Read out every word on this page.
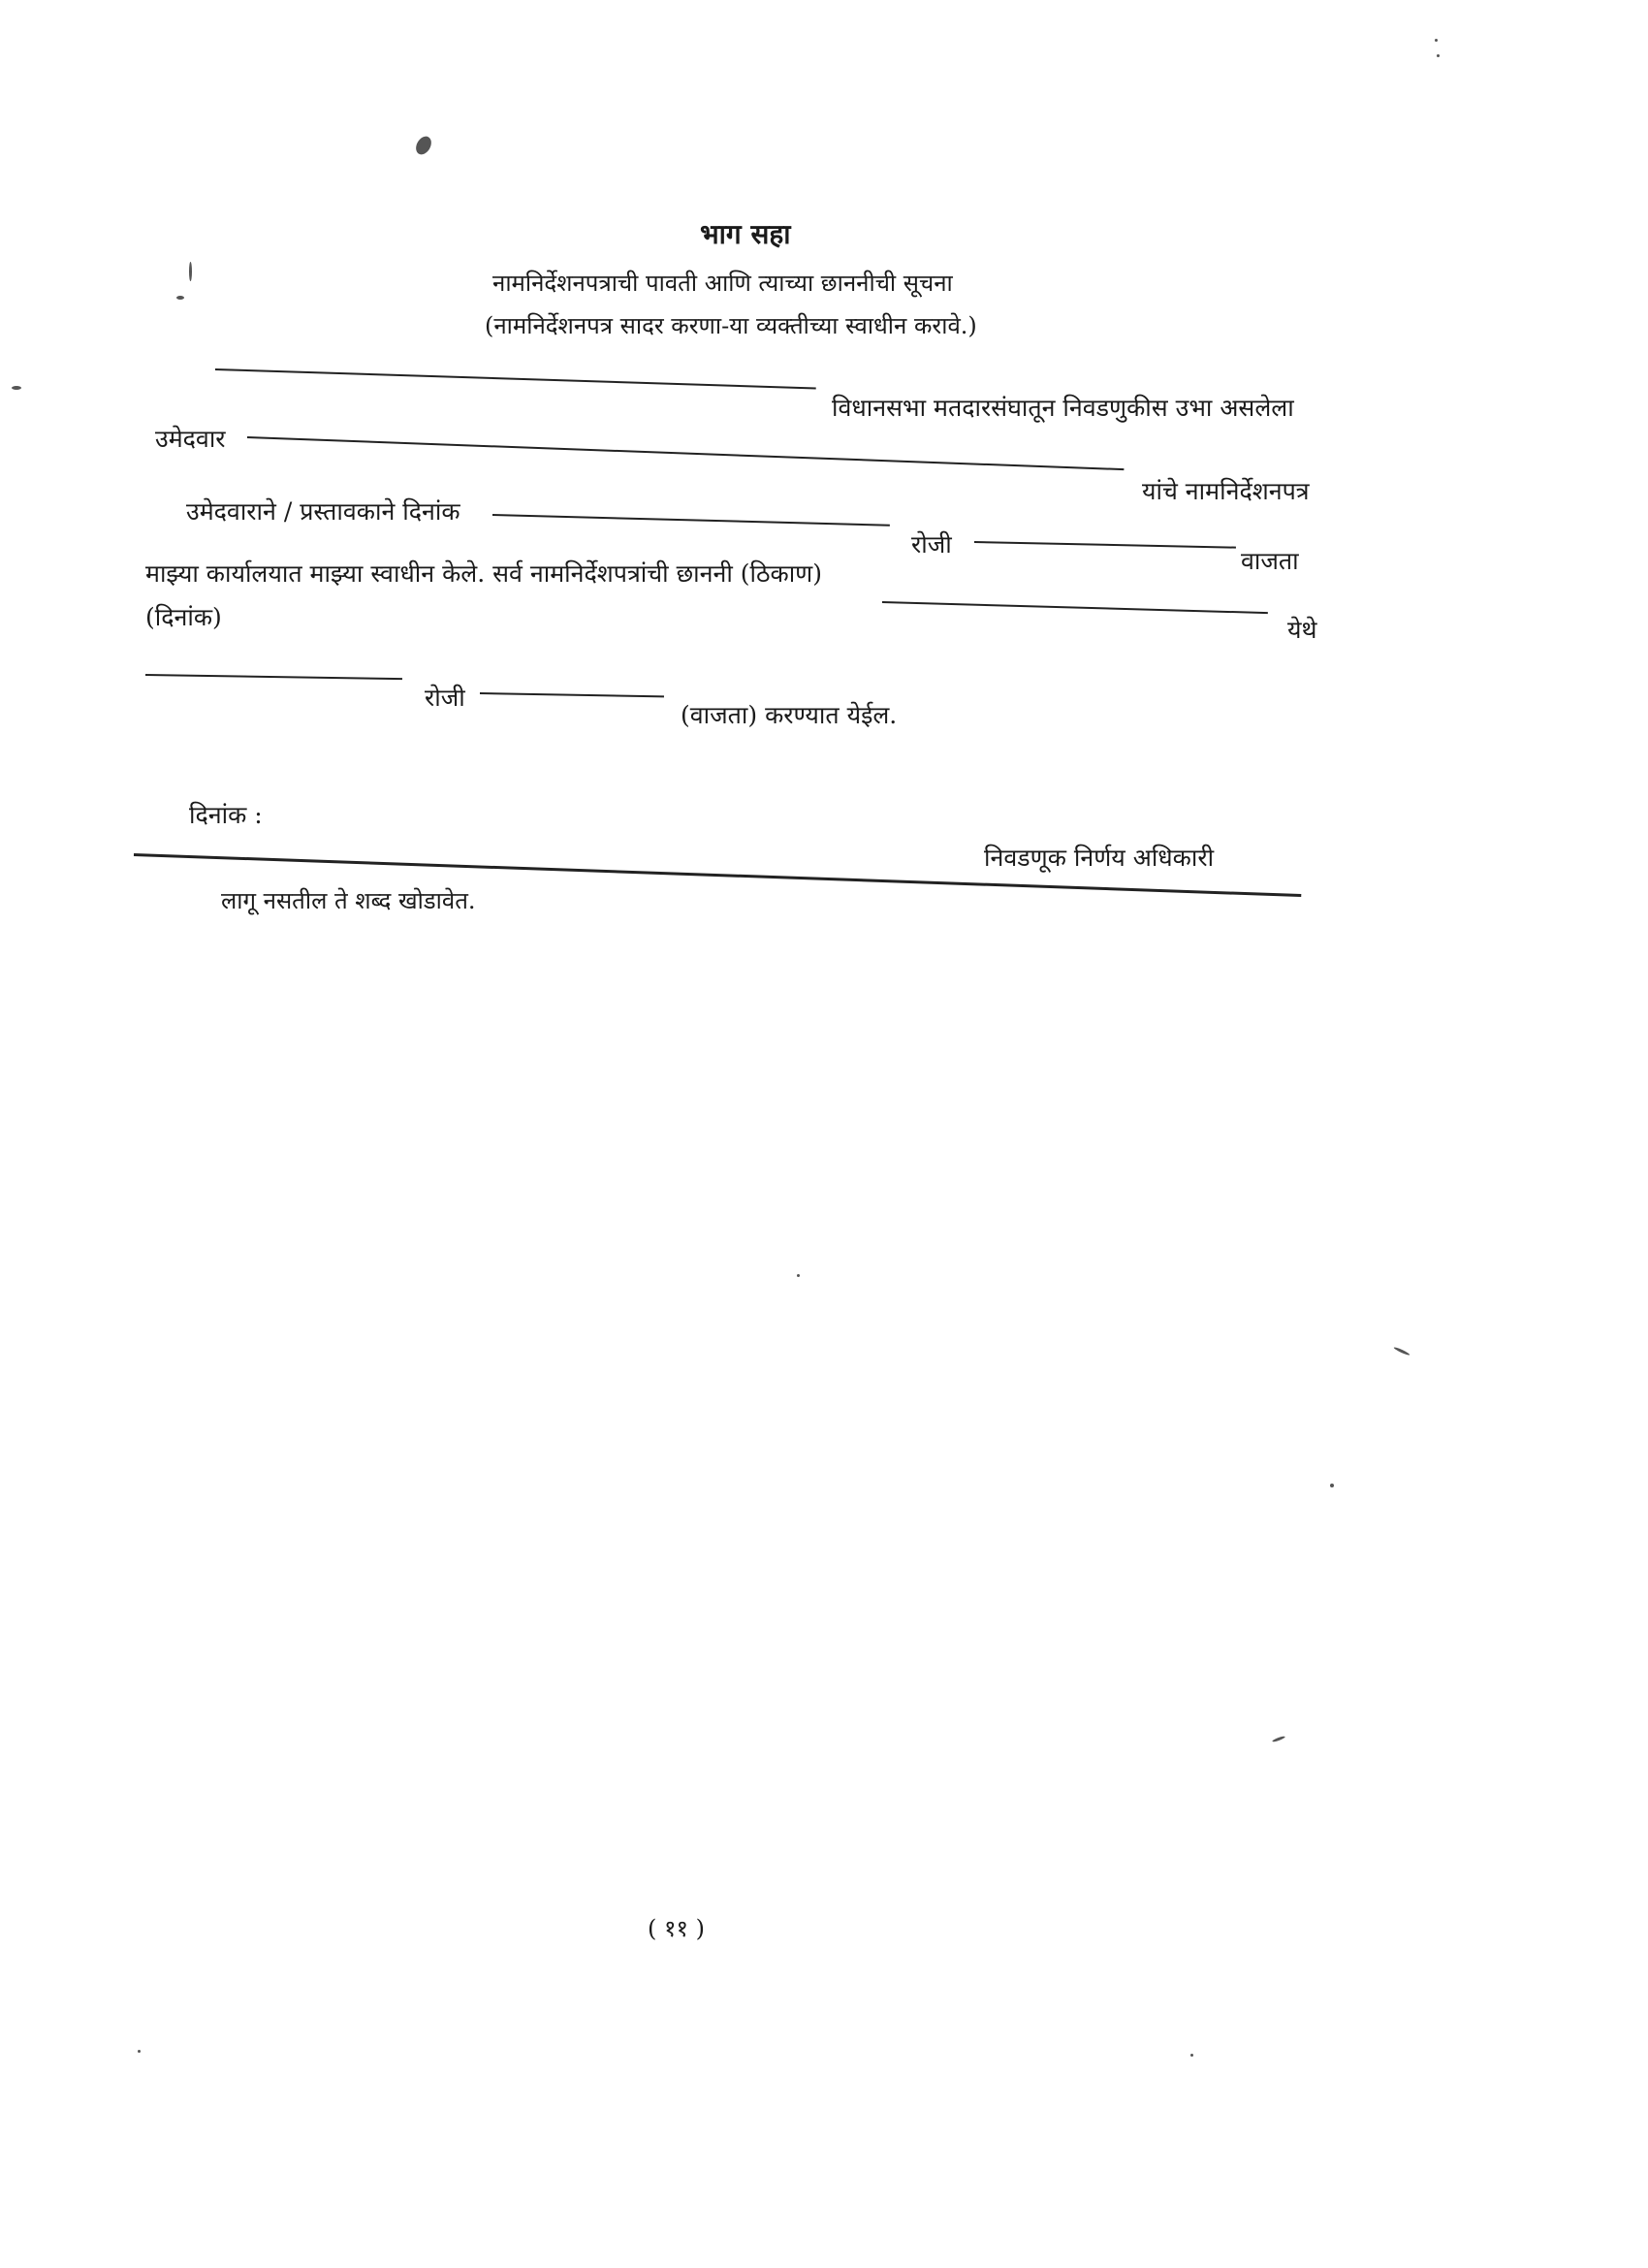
भाग सहा
नामनिर्देशनपत्राची पावती आणि त्याच्या छाननीची सूचना
(नामनिर्देशनपत्र सादर करणा-या व्यक्तीच्या स्वाधीन करावे.)
विधानसभा मतदारसंघातून निवडणुकीस उभा असलेला
उमेदवार
यांचे नामनिर्देशनपत्र
उमेदवाराने / प्रस्तावकाने दिनांक
रोजी
वाजता
माझ्या कार्यालयात माझ्या स्वाधीन केले. सर्व नामनिर्देशपत्रांची छाननी (ठिकाण)
येथे
(दिनांक)
रोजी
(वाजता) करण्यात येईल.
दिनांक :
निवडणूक निर्णय अधिकारी
लागू नसतील ते शब्द खोडावेत.
( ११ )
